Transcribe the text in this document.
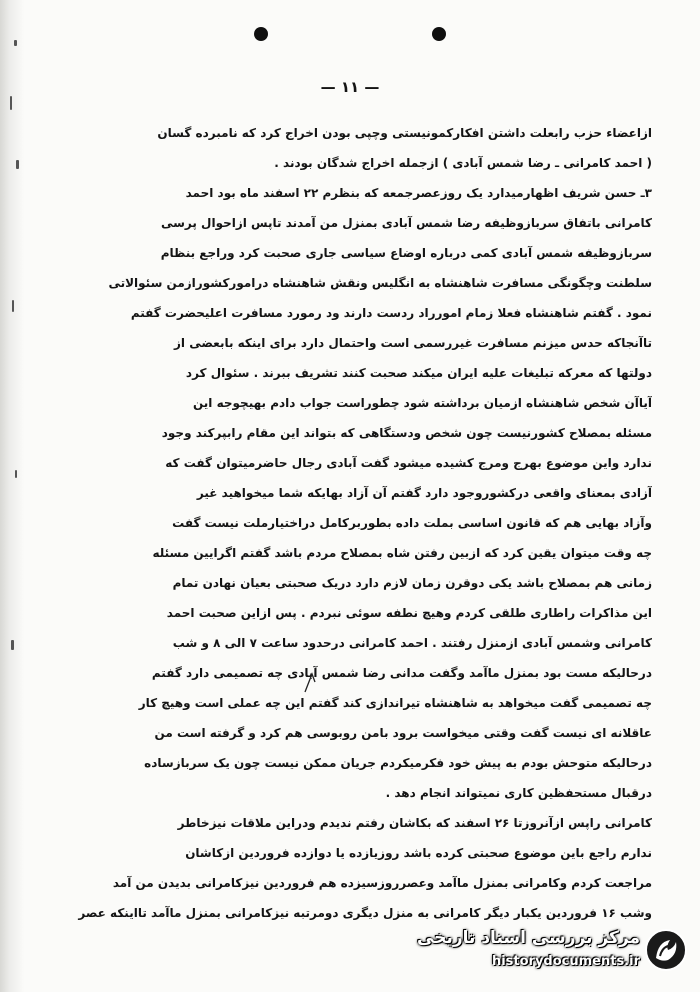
— ۱۱ —
ازاعضاء حزب رابعلت داشتن افکارکمونیستی وچپی بودن اخراج کرد که نامبرده گسان
( احمد کامرانی ـ رضا شمس آبادی ) ازجمله اخراج شدگان بودند .
۳ـ حسن شریف اظهارمیدارد یک روزعصرجمعه که بنظرم ۲۲ اسفند ماه بود احمد
کامرانی باتفاق سربازوظیفه رضا شمس آبادی بمنزل من آمدند تاپس ازاحوال پرسی
سربازوظیفه شمس آبادی کمی درباره اوضاع سیاسی جاری صحبت کرد وراجع بنظام
سلطنت وچگونگی مسافرت شاهنشاه به انگلیس ونقش شاهنشاه درامورکشورازمن سئوالاتی
نمود . گفتم شاهنشاه فعلا زمام امورراد ردست دارند ود رمورد مسافرت اعلیحضرت گفتم
تاآنجاکه حدس میزنم مسافرت غیررسمی است واحتمال دارد برای اینکه بابعضی از
دولتها که معرکه تبلیغات علیه ایران میکند صحبت کنند تشریف ببرند . سئوال کرد
آیاآن شخص شاهنشاه ازمیان برداشته شود چطوراست جواب دادم بهیچوجه این
مسئله بمصلاح کشورنیست چون شخص ودستگاهی که بتواند این مقام رابپرکند وجود
ندارد واین موضوع بهرج ومرج کشیده میشود گفت آبادی رجال حاضرمیتوان گفت که
آزادی بمعنای واقعی درکشوروجود دارد گفتم آن آزاد بهایکه شما میخواهید غیر
وآزاد بهایی هم که قانون اساسی بملت داده بطوربرکامل دراختیارملت نیست گفت
چه وقت میتوان یقین کرد که ازبین رفتن شاه بمصلاح مردم باشد گفتم اگرایین مسئله
زمانی هم بمصلاح باشد یکی دوقرن زمان لازم دارد دریک صحبتی بعیان نهادن تمام
این مذاکرات راطاری طلقی کردم وهیچ نطفه سوئی نبردم . پس ازاین صحبت احمد
کامرانی وشمس آبادی ازمنزل رفتند . احمد کامرانی درحدود ساعت ۷ الی ۸ و شب
درحالیکه مست بود بمنزل ماآمد وگفت مدانی رضا شمس آبادی چه تصمیمی دارد گفتم
چه تصمیمی گفت میخواهد به شاهنشاه تیراندازی کند گفتم این چه عملی است وهیچ کار
عاقلانه ای نیست گفت وقتی میخواست برود بامن روبوسی هم کرد و گرفته است من
درحالیکه متوحش بودم به پیش خود فکرمیکردم جریان ممکن نیست چون یک سربازساده
درقبال مستحفظین کاری نمیتواند انجام دهد .
کامرانی راپس ازآنروزتا ۲۶ اسفند که بکاشان رفتم ندیدم ودراین ملاقات نیزخاطر
ندارم راجع باین موضوع صحبتی کرده باشد روزیازده یا دوازده فروردین ازکاشان
مراجعت کردم وکامرانی بمنزل ماآمد وعصرروزسیزده هم فروردین نیزکامرانی بدیدن من آمد
وشب ۱۶ فروردین یکبار دیگر کامرانی به منزل دیگری دومرتبه نیزکامرانی بمنزل ماآمد تااینکه عصر
مرکز بررسی اسناد تاریخی
historydocuments.ir
